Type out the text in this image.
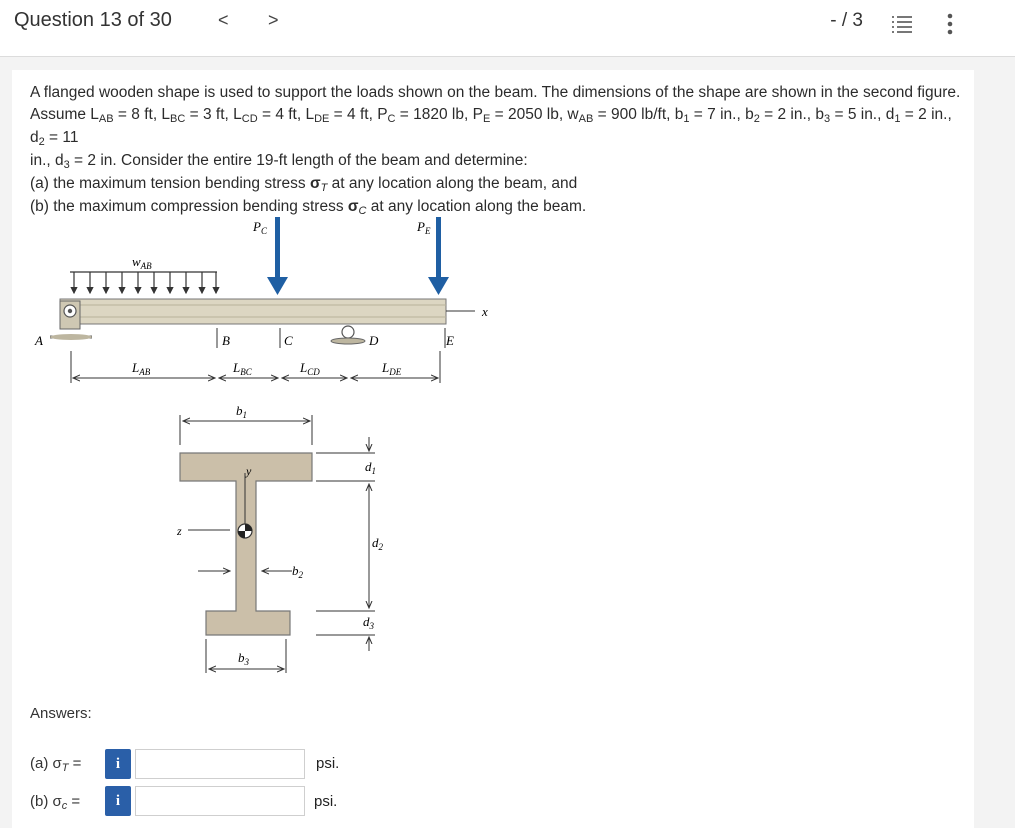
Question 13 of 30	< >	- / 3

A flanged wooden shape is used to support the loads shown on the beam. The dimensions of the shape are shown in the second figure.

Assume LAB = 8 ft, LBC = 3 ft, LCD = 4 ft, LDE = 4 ft, PC = 1820 lb, PE = 2050 lb, wAB = 900 lb/ft, b1 = 7 in., b2 = 2 in., b3 = 5 in., d1 = 2 in., d2 = 11

in., d3 = 2 in. Consider the entire 19-ft length of the beam and determine:

(a) the maximum tension bending stress σT at any location along the beam, and

(b) the maximum compression bending stress σC at any location along the beam.

$w_{AB}$
$P_C$	$P_E$
x
A	B	C	D	E
$L_{AB}$	$L_{BC}$	$L_{CD}$	$L_{DE}$
$b_1$
y
z
$b_2$
$d_1$
$d_2$
$d_3$
$b_3$
Answers:
(a) $\sigma_T$ =	i	psi.
(b) $\sigma_c$ =	i	psi.
